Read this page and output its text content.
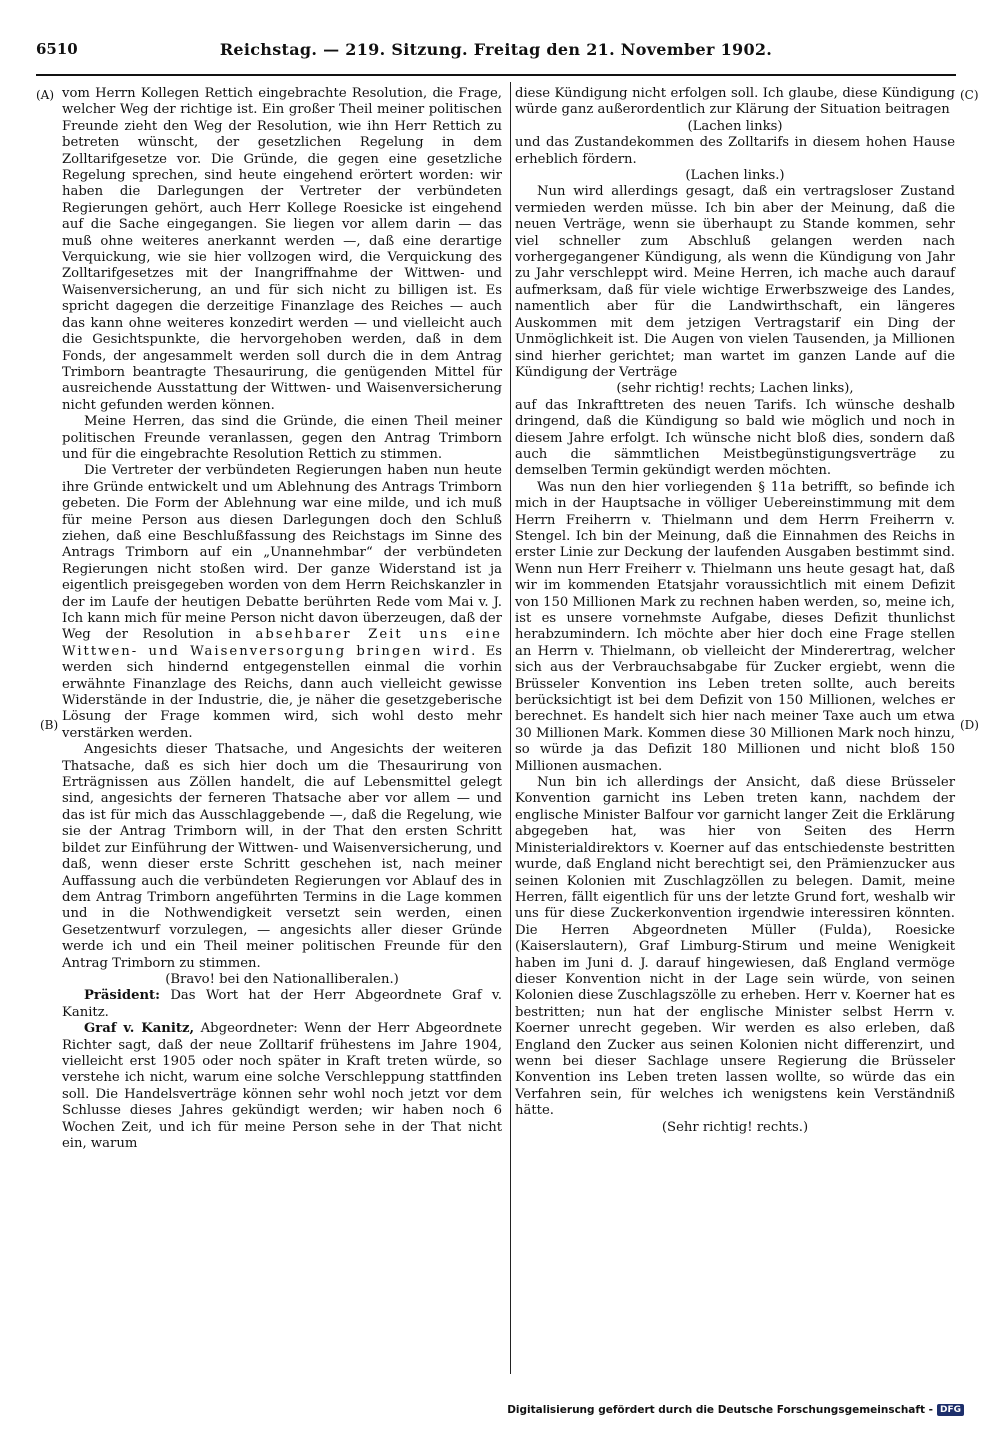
6510	Reichstag. — 219. Sitzung. Freitag den 21. November 1902.
(A)
(B)
(C)
(D)

vom Herrn Kollegen Rettich eingebrachte Resolution, die Frage, welcher Weg der richtige ist. Ein großer Theil meiner politischen Freunde zieht den Weg der Resolution, wie ihn Herr Rettich zu betreten wünscht, der gesetzlichen Regelung in dem Zolltarifgesetze vor. Die Gründe, die gegen eine gesetzliche Regelung sprechen, sind heute eingehend erörtert worden: wir haben die Darlegungen der Vertreter der verbündeten Regierungen gehört, auch Herr Kollege Roesicke ist eingehend auf die Sache eingegangen. Sie liegen vor allem darin — das muß ohne weiteres anerkannt werden —, daß eine derartige Verquickung, wie sie hier vollzogen wird, die Verquickung des Zolltarifgesetzes mit der Inangriffnahme der Wittwen- und Waisenversicherung, an und für sich nicht zu billigen ist. Es spricht dagegen die derzeitige Finanzlage des Reiches — auch das kann ohne weiteres konzedirt werden — und vielleicht auch die Gesichtspunkte, die hervorgehoben werden, daß in dem Fonds, der angesammelt werden soll durch die in dem Antrag Trimborn beantragte Thesaurirung, die genügenden Mittel für ausreichende Ausstattung der Wittwen- und Waisenversicherung nicht gefunden werden können.

Meine Herren, das sind die Gründe, die einen Theil meiner politischen Freunde veranlassen, gegen den Antrag Trimborn und für die eingebrachte Resolution Rettich zu stimmen.

Die Vertreter der verbündeten Regierungen haben nun heute ihre Gründe entwickelt und um Ablehnung des Antrags Trimborn gebeten. Die Form der Ablehnung war eine milde, und ich muß für meine Person aus diesen Darlegungen doch den Schluß ziehen, daß eine Beschlußfassung des Reichstags im Sinne des Antrags Trimborn auf ein „Unannehmbar“ der verbündeten Regierungen nicht stoßen wird. Der ganze Widerstand ist ja eigentlich preisgegeben worden von dem Herrn Reichskanzler in der im Laufe der heutigen Debatte berührten Rede vom Mai v. J. Ich kann mich für meine Person nicht davon überzeugen, daß der Weg der Resolution in absehbarer Zeit uns eine Wittwen- und Waisenversorgung bringen wird. Es werden sich hindernd entgegenstellen einmal die vorhin erwähnte Finanzlage des Reichs, dann auch vielleicht gewisse Widerstände in der Industrie, die, je näher die gesetzgeberische Lösung der Frage kommen wird, sich wohl desto mehr verstärken werden.

Angesichts dieser Thatsache, und Angesichts der weiteren Thatsache, daß es sich hier doch um die Thesaurirung von Erträgnissen aus Zöllen handelt, die auf Lebensmittel gelegt sind, angesichts der ferneren Thatsache aber vor allem — und das ist für mich das Ausschlaggebende —, daß die Regelung, wie sie der Antrag Trimborn will, in der That den ersten Schritt bildet zur Einführung der Wittwen- und Waisenversicherung, und daß, wenn dieser erste Schritt geschehen ist, nach meiner Auffassung auch die verbündeten Regierungen vor Ablauf des in dem Antrag Trimborn angeführten Termins in die Lage kommen und in die Nothwendigkeit versetzt sein werden, einen Gesetzentwurf vorzulegen, — angesichts aller dieser Gründe werde ich und ein Theil meiner politischen Freunde für den Antrag Trimborn zu stimmen.

(Bravo! bei den Nationalliberalen.)

Präsident: Das Wort hat der Herr Abgeordnete Graf v. Kanitz.

Graf v. Kanitz, Abgeordneter: Wenn der Herr Abgeordnete Richter sagt, daß der neue Zolltarif frühestens im Jahre 1904, vielleicht erst 1905 oder noch später in Kraft treten würde, so verstehe ich nicht, warum eine solche Verschleppung stattfinden soll. Die Handelsverträge können sehr wohl noch jetzt vor dem Schlusse dieses Jahres gekündigt werden; wir haben noch 6 Wochen Zeit, und ich für meine Person sehe in der That nicht ein, warum

diese Kündigung nicht erfolgen soll. Ich glaube, diese Kündigung würde ganz außerordentlich zur Klärung der Situation beitragen

(Lachen links)

und das Zustandekommen des Zolltarifs in diesem hohen Hause erheblich fördern.

(Lachen links.)

Nun wird allerdings gesagt, daß ein vertragsloser Zustand vermieden werden müsse. Ich bin aber der Meinung, daß die neuen Verträge, wenn sie überhaupt zu Stande kommen, sehr viel schneller zum Abschluß gelangen werden nach vorhergegangener Kündigung, als wenn die Kündigung von Jahr zu Jahr verschleppt wird. Meine Herren, ich mache auch darauf aufmerksam, daß für viele wichtige Erwerbszweige des Landes, namentlich aber für die Landwirthschaft, ein längeres Auskommen mit dem jetzigen Vertragstarif ein Ding der Unmöglichkeit ist. Die Augen von vielen Tausenden, ja Millionen sind hierher gerichtet; man wartet im ganzen Lande auf die Kündigung der Verträge

(sehr richtig! rechts; Lachen links),

auf das Inkrafttreten des neuen Tarifs. Ich wünsche deshalb dringend, daß die Kündigung so bald wie möglich und noch in diesem Jahre erfolgt. Ich wünsche nicht bloß dies, sondern daß auch die sämmtlichen Meistbegünstigungsverträge zu demselben Termin gekündigt werden möchten.

Was nun den hier vorliegenden § 11a betrifft, so befinde ich mich in der Hauptsache in völliger Uebereinstimmung mit dem Herrn Freiherrn v. Thielmann und dem Herrn Freiherrn v. Stengel. Ich bin der Meinung, daß die Einnahmen des Reichs in erster Linie zur Deckung der laufenden Ausgaben bestimmt sind. Wenn nun Herr Freiherr v. Thielmann uns heute gesagt hat, daß wir im kommenden Etatsjahr voraussichtlich mit einem Defizit von 150 Millionen Mark zu rechnen haben werden, so, meine ich, ist es unsere vornehmste Aufgabe, dieses Defizit thunlichst herabzumindern. Ich möchte aber hier doch eine Frage stellen an Herrn v. Thielmann, ob vielleicht der Minderertrag, welcher sich aus der Verbrauchsabgabe für Zucker ergiebt, wenn die Brüsseler Konvention ins Leben treten sollte, auch bereits berücksichtigt ist bei dem Defizit von 150 Millionen, welches er berechnet. Es handelt sich hier nach meiner Taxe auch um etwa 30 Millionen Mark. Kommen diese 30 Millionen Mark noch hinzu, so würde ja das Defizit 180 Millionen und nicht bloß 150 Millionen ausmachen.

Nun bin ich allerdings der Ansicht, daß diese Brüsseler Konvention garnicht ins Leben treten kann, nachdem der englische Minister Balfour vor garnicht langer Zeit die Erklärung abgegeben hat, was hier von Seiten des Herrn Ministerialdirektors v. Koerner auf das entschiedenste bestritten wurde, daß England nicht berechtigt sei, den Prämienzucker aus seinen Kolonien mit Zuschlagzöllen zu belegen. Damit, meine Herren, fällt eigentlich für uns der letzte Grund fort, weshalb wir uns für diese Zuckerkonvention irgendwie interessiren könnten. Die Herren Abgeordneten Müller (Fulda), Roesicke (Kaiserslautern), Graf Limburg-Stirum und meine Wenigkeit haben im Juni d. J. darauf hingewiesen, daß England vermöge dieser Konvention nicht in der Lage sein würde, von seinen Kolonien diese Zuschlagszölle zu erheben. Herr v. Koerner hat es bestritten; nun hat der englische Minister selbst Herrn v. Koerner unrecht gegeben. Wir werden es also erleben, daß England den Zucker aus seinen Kolonien nicht differenzirt, und wenn bei dieser Sachlage unsere Regierung die Brüsseler Konvention ins Leben treten lassen wollte, so würde das ein Verfahren sein, für welches ich wenigstens kein Verständniß hätte.

(Sehr richtig! rechts.)

Digitalisierung gefördert durch die Deutsche Forschungsgemeinschaft - DFG
